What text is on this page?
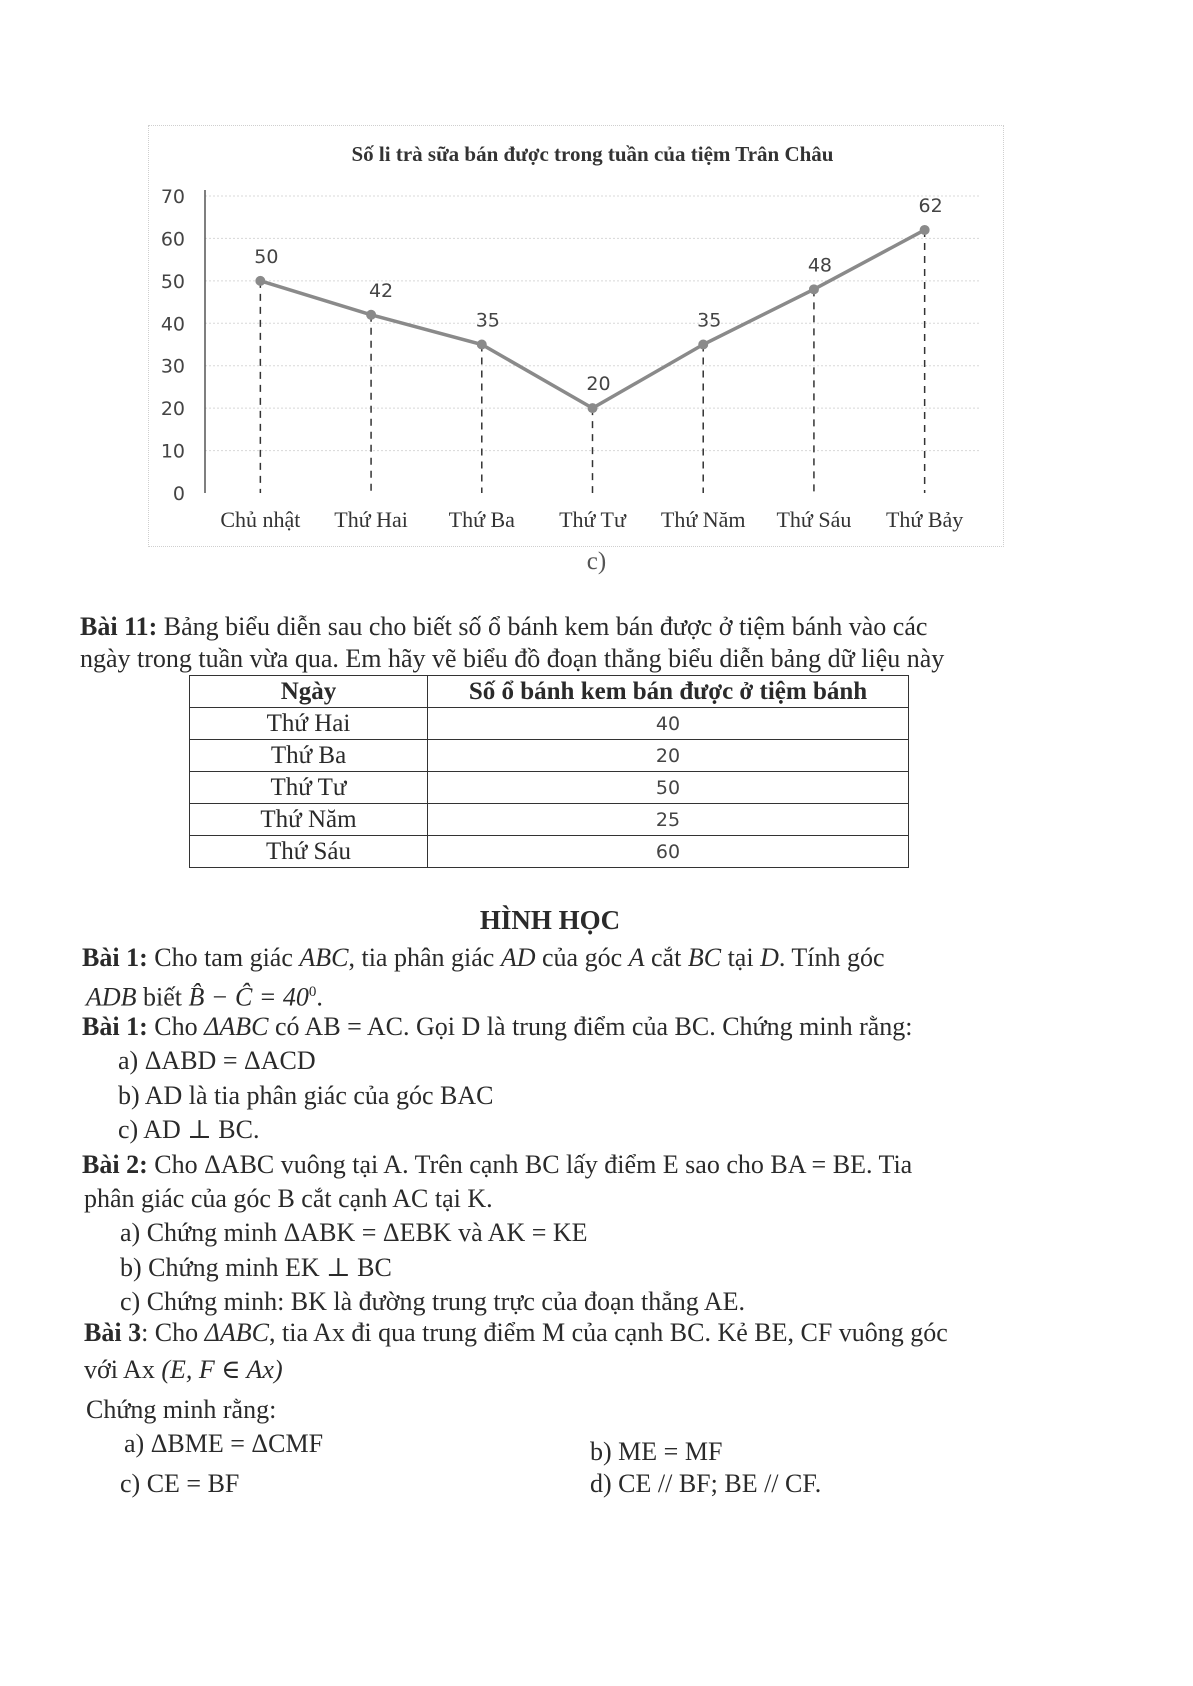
Số li trà sữa bán được trong tuần của tiệm Trân Châu
0
10
20
30
40
50
60
70
50
42
35
20
35
48
62
Chủ nhật Thứ Hai Thứ Ba Thứ Tư Thứ Năm Thứ Sáu Thứ Bảy
c)
Bài 11: Bảng biểu diễn sau cho biết số ổ bánh kem bán được ở tiệm bánh vào các
ngày trong tuần vừa qua. Em hãy vẽ biểu đồ đoạn thẳng biểu diễn bảng dữ liệu này
Ngày	Số ổ bánh kem bán được ở tiệm bánh
Thứ Hai	40
Thứ Ba	20
Thứ Tư	50
Thứ Năm	25
Thứ Sáu	60
HÌNH HỌC
Bài 1: Cho tam giác ABC, tia phân giác AD của góc A cắt BC tại D. Tính góc
ADB biết B̂ − Ĉ = $40^0$.
Bài 1: Cho ΔABC có AB = AC. Gọi D là trung điểm của BC. Chứng minh rằng:
a) ΔABD = ΔACD
b) AD là tia phân giác của góc BAC
c) AD ⊥ BC.
Bài 2: Cho ΔABC vuông tại A. Trên cạnh BC lấy điểm E sao cho BA = BE. Tia
phân giác của góc B cắt cạnh AC tại K.
a) Chứng minh ΔABK = ΔEBK và AK = KE
b) Chứng minh EK ⊥ BC
c) Chứng minh: BK là đường trung trực của đoạn thẳng AE.
Bài 3: Cho ΔABC, tia Ax đi qua trung điểm M của cạnh BC. Kẻ BE, CF vuông góc
với Ax (E, F ∈ Ax)
Chứng minh rằng:
a) ΔBME = ΔCMF	b) ME = MF
c) CE = BF	d) CE // BF; BE // CF.
